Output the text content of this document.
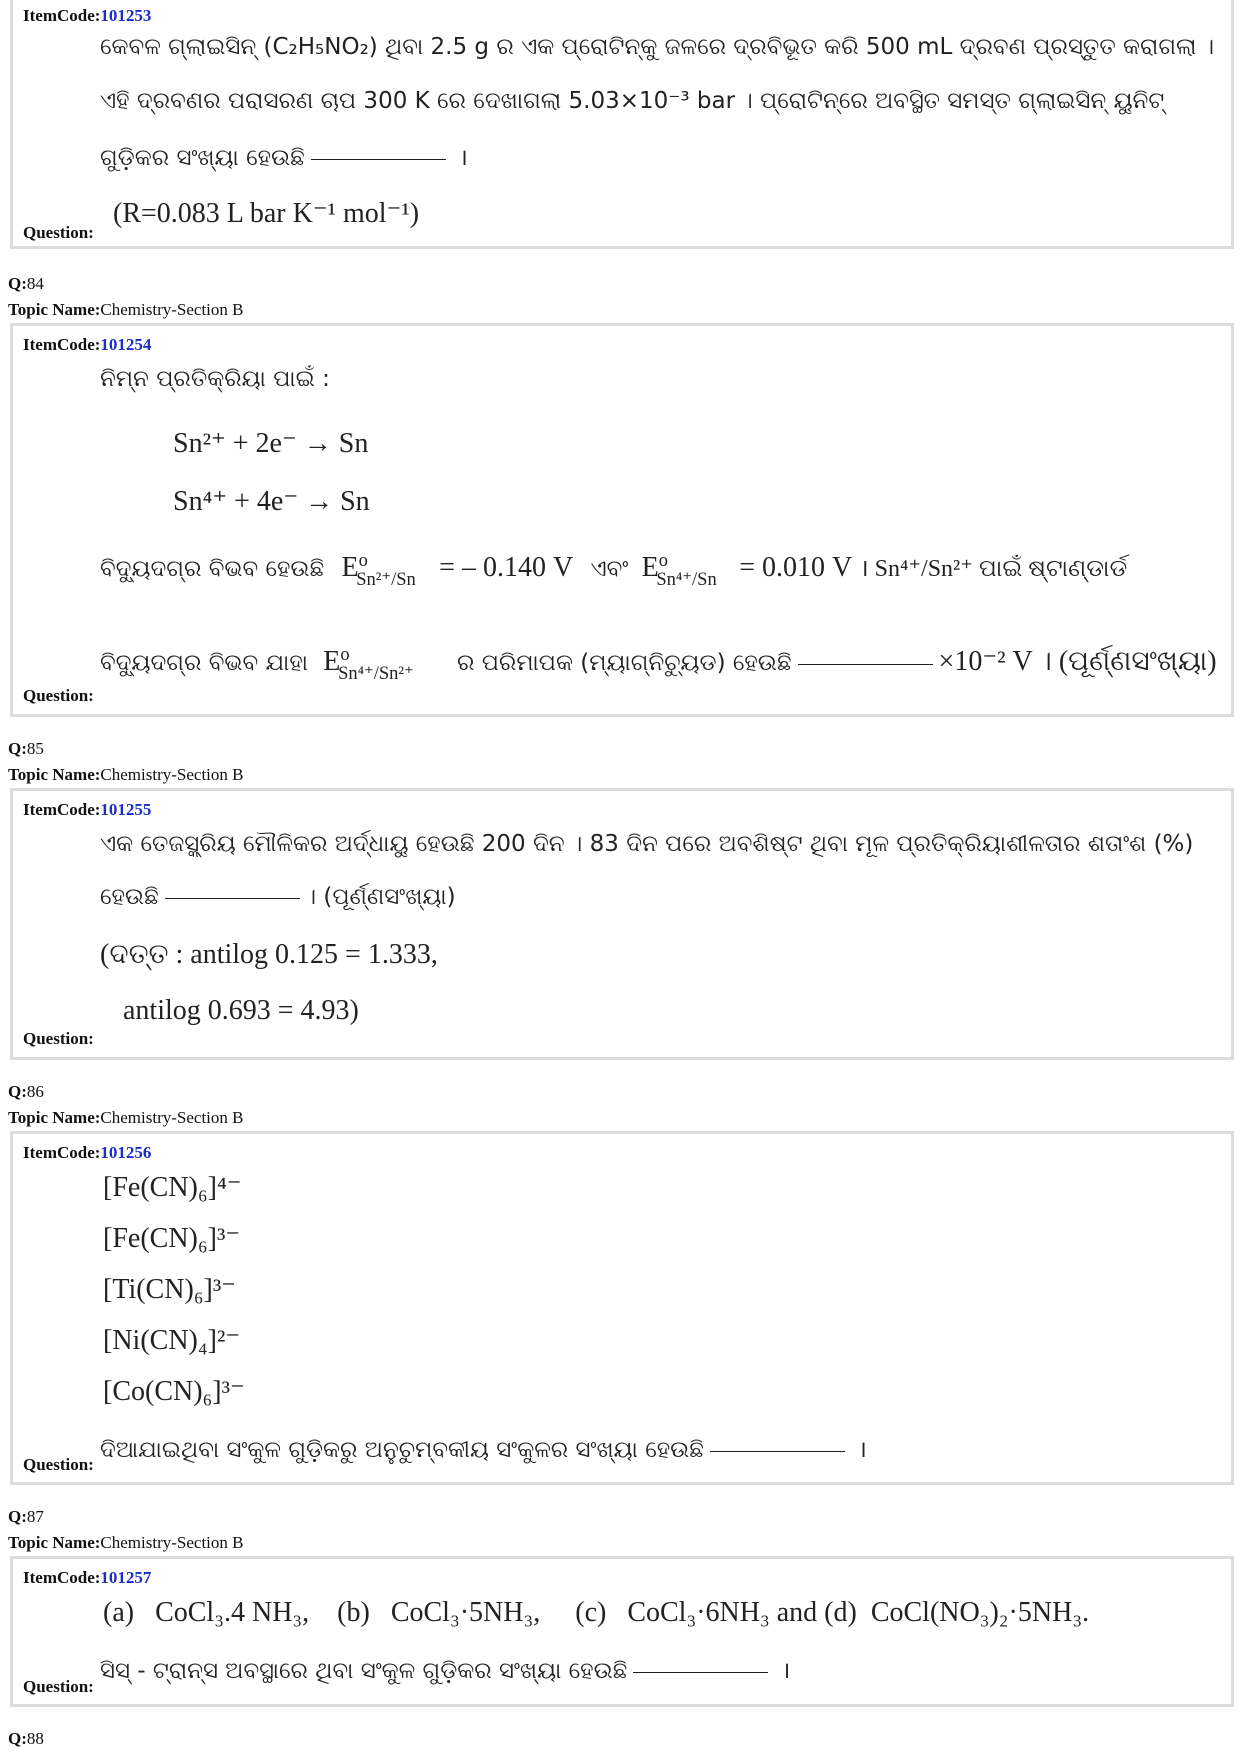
ItemCode:101253
କେବଳ ଗ୍ଲାଇସିନ୍ (C₂H₅NO₂) ଥିବା 2.5 g ର ଏକ ପ୍ରୋଟିନ୍‌କୁ ଜଳରେ ଦ୍ରବିଭୂତ କରି 500 mL ଦ୍ରବଣ ପ୍ରସ୍ତୁତ କରାଗଲା ।
ଏହି ଦ୍ରବଣର ପରାସରଣ ଚାପ 300 K ରେ ଦେଖାଗଲା 5.03×10⁻³ bar । ପ୍ରୋଟିନ୍‌ରେ ଅବସ୍ଥିତ ସମସ୍ତ ଗ୍ଲାଇସିନ୍ ୟୁନିଟ୍
ଗୁଡ଼ିକର ସଂଖ୍ୟା ହେଉଛି	।
(R=0.083 L bar K⁻¹ mol⁻¹)
Question:
Q:84
Topic Name:Chemistry-Section B
ItemCode:101254
ନିମ୍ନ ପ୍ରତିକ୍ରିୟା ପାଇଁ :
Sn²⁺ + 2e⁻ → Sn
Sn⁴⁺ + 4e⁻ → Sn
ବିଦ୍ୟୁଦଗ୍ର ବିଭବ ହେଉଛି $E^o$
Sn²⁺/Sn = – 0.140 V ଏବଂ $E^o$
Sn⁴⁺/Sn = 0.010 V । Sn⁴⁺/Sn²⁺ ପାଇଁ ଷ୍ଟାଣ୍ଡାର୍ଡ
ବିଦ୍ୟୁଦଗ୍ର ବିଭବ ଯାହା $E^o$
Sn⁴⁺/Sn²⁺ ର ପରିମାପକ (ମ୍ୟାଗ୍ନିଚ୍ୟୁଡ) ହେଉଛି	×10⁻² V । (ପୂର୍ଣ୍ଣସଂଖ୍ୟା)
Question:
Q:85
Topic Name:Chemistry-Section B
ItemCode:101255
ଏକ ତେଜସ୍କ୍ରିୟ ମୌଳିକର ଅର୍ଦ୍ଧାୟୁ ହେଉଛି 200 ଦିନ । 83 ଦିନ ପରେ ଅବଶିଷ୍ଟ ଥିବା ମୂଳ ପ୍ରତିକ୍ରିୟାଶୀଳତାର ଶତାଂଶ (%)
ହେଉଛି	। (ପୂର୍ଣ୍ଣସଂଖ୍ୟା)
(ଦତ୍ତ : antilog 0.125 = 1.333,
antilog 0.693 = 4.93)
Question:
Q:86
Topic Name:Chemistry-Section B
ItemCode:101256
[Fe(CN)₆]⁴⁻
[Fe(CN)₆]³⁻
[Ti(CN)₆]³⁻
[Ni(CN)₄]²⁻
[Co(CN)₆]³⁻
ଦିଆଯାଇଥିବା ସଂକୁଳ ଗୁଡ଼ିକରୁ ଅନୁଚୁମ୍ବକୀୟ ସଂକୁଳର ସଂଖ୍ୟା ହେଉଛି	।
Question:
Q:87
Topic Name:Chemistry-Section B
ItemCode:101257
(a)   CoCl₃.4 NH₃,    (b)   CoCl₃·5NH₃,     (c)   CoCl₃·6NH₃ and (d)  CoCl(NO₃)₂·5NH₃.
ସିସ୍ - ଟ୍ରାନ୍ସ ଅବସ୍ଥାରେ ଥିବା ସଂକୁଳ ଗୁଡ଼ିକର ସଂଖ୍ୟା ହେଉଛି	।
Question:
Q:88
